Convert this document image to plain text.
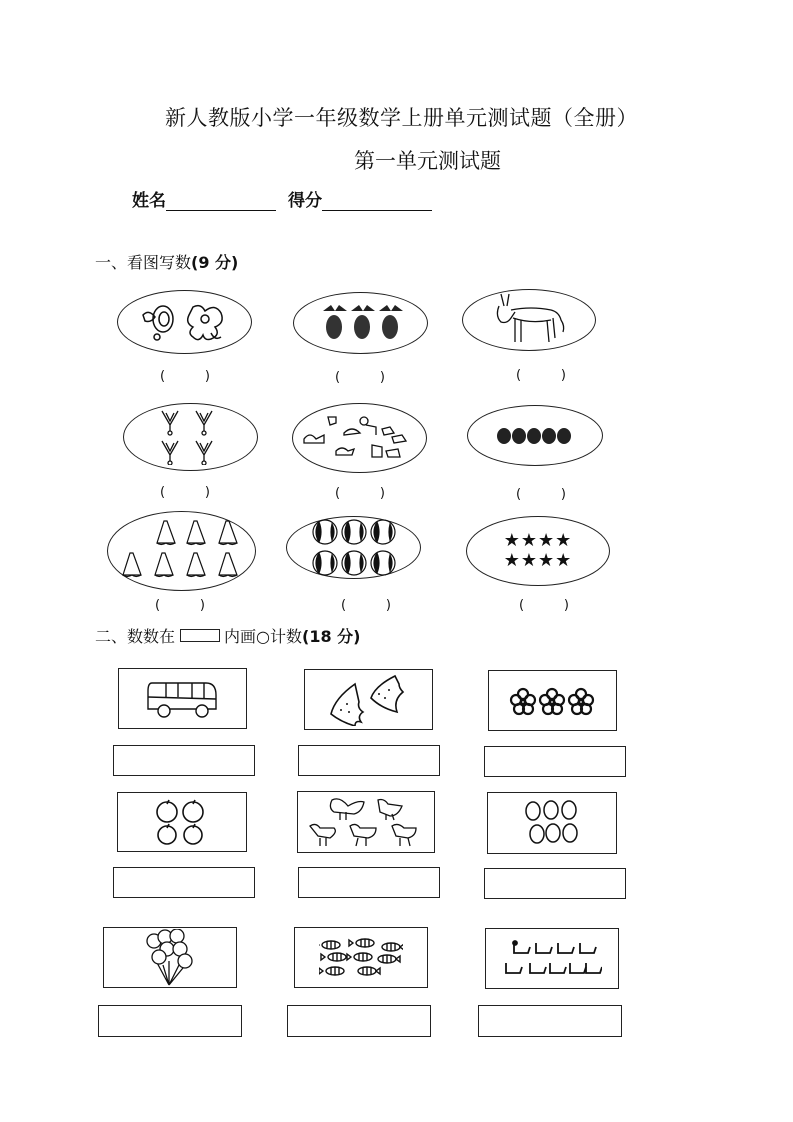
新人教版小学一年级数学上册单元测试题（全册）
第一单元测试题
姓名	得分
一、 看图写数 (9 分)
(	)	(	)	(	)
(	)	(	)	(	)
★★★★
★★★★
(	)	(	)	(	)
二、 数数在	内画○计数 (18 分)
